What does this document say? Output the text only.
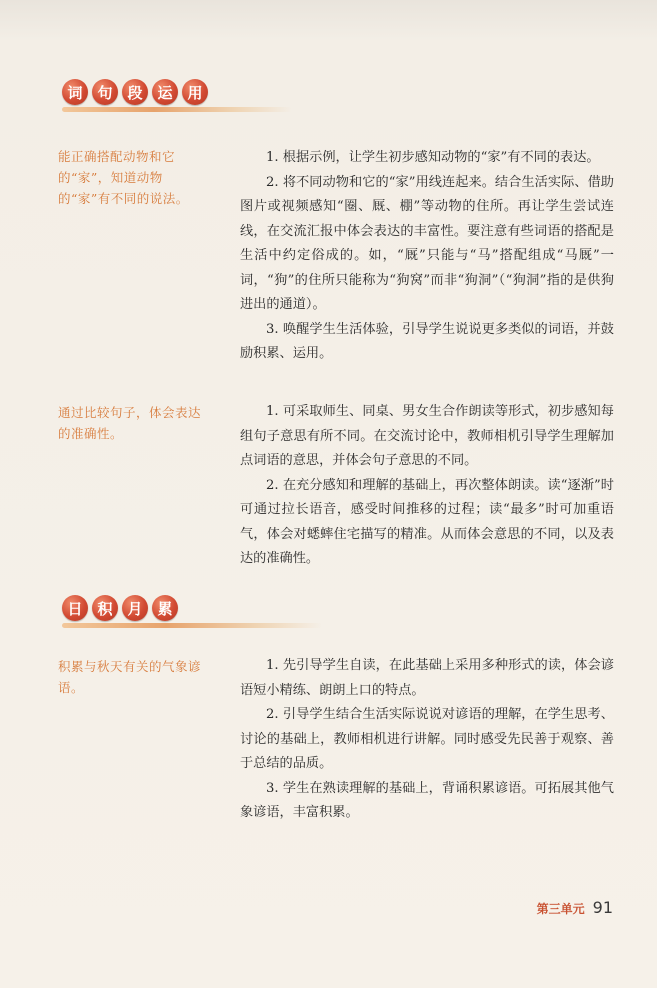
词 句 段 运 用
能正确搭配动物和它的“家”，知道动物的“家”有不同的说法。

1. 根据示例，让学生初步感知动物的“家”有不同的表达。

2. 将不同动物和它的“家”用线连起来。结合生活实际、借助图片或视频感知“圈、厩、棚”等动物的住所。再让学生尝试连线，在交流汇报中体会表达的丰富性。要注意有些词语的搭配是生活中约定俗成的。如，“厩”只能与“马”搭配组成“马厩”一词，“狗”的住所只能称为“狗窝”而非“狗洞”（“狗洞”指的是供狗进出的通道）。

3. 唤醒学生生活体验，引导学生说说更多类似的词语，并鼓励积累、运用。

通过比较句子，体会表达的准确性。

1. 可采取师生、同桌、男女生合作朗读等形式，初步感知每组句子意思有所不同。在交流讨论中，教师相机引导学生理解加点词语的意思，并体会句子意思的不同。

2. 在充分感知和理解的基础上，再次整体朗读。读“逐渐”时可通过拉长语音，感受时间推移的过程；读“最多”时可加重语气，体会对蟋蟀住宅描写的精准。从而体会意思的不同，以及表达的准确性。

日 积 月 累
积累与秋天有关的气象谚语。

1. 先引导学生自读，在此基础上采用多种形式的读，体会谚语短小精练、朗朗上口的特点。

2. 引导学生结合生活实际说说对谚语的理解，在学生思考、讨论的基础上，教师相机进行讲解。同时感受先民善于观察、善于总结的品质。

3. 学生在熟读理解的基础上，背诵积累谚语。可拓展其他气象谚语，丰富积累。

第三单元 91
